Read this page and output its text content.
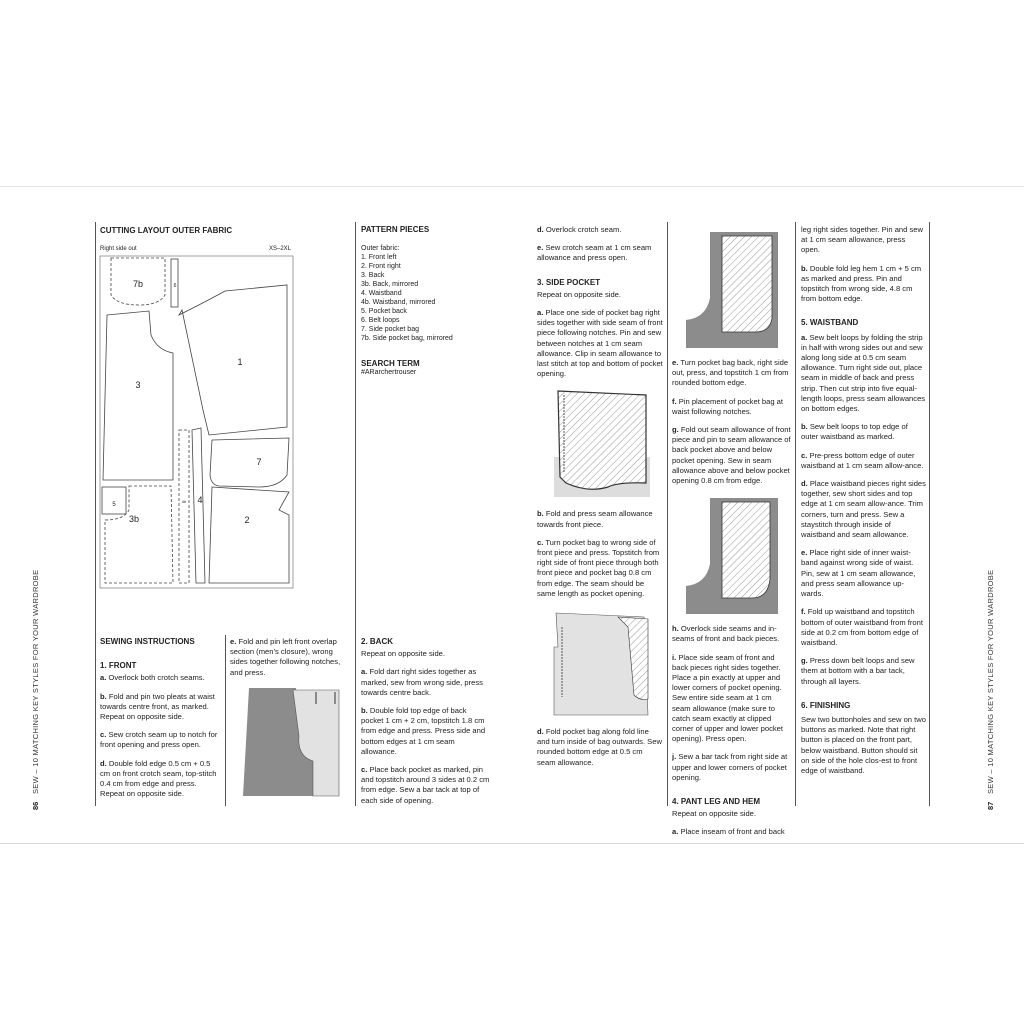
SEW – 10 MATCHING KEY STYLES FOR YOUR WARDROBE
86
SEW – 10 MATCHING KEY STYLES FOR YOUR WARDROBE
87
CUTTING LAYOUT OUTER FABRIC
Right side out	XS–2XL
7b	6
1
3
7
5
3b
4
4b
2
PATTERN PIECES
Outer fabric:
1. Front left
2. Front right
3. Back
3b. Back, mirrored
4. Waistband
4b. Waistband, mirrored
5. Pocket back
6. Belt loops
7. Side pocket bag
7b. Side pocket bag, mirrored
SEARCH TERM
#ARarchertrouser
SEWING INSTRUCTIONS
1. FRONT

a. Overlock both crotch seams.

b. Fold and pin two pleats at waist towards centre front, as marked. Repeat on opposite side.

c. Sew crotch seam up to notch for front opening and press open.

d. Double fold edge 0.5 cm + 0.5 cm on front crotch seam, top-stitch 0.4 cm from edge and press. Repeat on opposite side.

e. Fold and pin left front overlap section (men’s closure), wrong sides together following notches, and press.

2. BACK

Repeat on opposite side.

a. Fold dart right sides together as marked, sew from wrong side, press towards centre back.

b. Double fold top edge of back pocket 1 cm + 2 cm, topstitch 1.8 cm from edge and press. Press side and bottom edges at 1 cm seam allowance.

c. Place back pocket as marked, pin and topstitch around 3 sides at 0.2 cm from edge. Sew a bar tack at top of each side of opening.

d. Overlock crotch seam.

e. Sew crotch seam at 1 cm seam allowance and press open.

3. SIDE POCKET

Repeat on opposite side.

a. Place one side of pocket bag right sides together with side seam of front piece following notches. Pin and sew between notches at 1 cm seam allowance. Clip in seam allowance to last stitch at top and bottom of pocket opening.

b. Fold and press seam allowance towards front piece.

c. Turn pocket bag to wrong side of front piece and press. Topstitch from right side of front piece through both front piece and pocket bag 0.8 cm from edge. The seam should be same length as pocket opening.

d. Fold pocket bag along fold line and turn inside of bag outwards. Sew rounded bottom edge at 0.5 cm seam allowance.

e. Turn pocket bag back, right side out, press, and topstitch 1 cm from rounded bottom edge.

f. Pin placement of pocket bag at waist following notches.

g. Fold out seam allowance of front piece and pin to seam allowance of back pocket above and below pocket opening. Sew in seam allowance above and below pocket opening 0.8 cm from edge.

h. Overlock side seams and in-seams of front and back pieces.

i. Place side seam of front and back pieces right sides together. Place a pin exactly at upper and lower corners of pocket opening. Sew entire side seam at 1 cm seam allowance (make sure to catch seam exactly at clipped corner of upper and lower pocket opening). Press open.

j. Sew a bar tack from right side at upper and lower corners of pocket opening.

4. PANT LEG AND HEM

Repeat on opposite side.

a. Place inseam of front and back

leg right sides together. Pin and sew at 1 cm seam allowance, press open.

b. Double fold leg hem 1 cm + 5 cm as marked and press. Pin and topstitch from wrong side, 4.8 cm from bottom edge.

5. WAISTBAND

a. Sew belt loops by folding the strip in half with wrong sides out and sew along long side at 0.5 cm seam allowance. Turn right side out, place seam in middle of back and press strip. Then cut strip into five equal-length loops, press seam allowances on bottom edges.

b. Sew belt loops to top edge of outer waistband as marked.

c. Pre-press bottom edge of outer waistband at 1 cm seam allow-ance.

d. Place waistband pieces right sides together, sew short sides and top edge at 1 cm seam allow-ance. Trim corners, turn and press. Sew a staystitch through inside of waistband and seam allowance.

e. Place right side of inner waist-band against wrong side of waist. Pin, sew at 1 cm seam allowance, and press seam allowance up-wards.

f. Fold up waistband and topstitch bottom of outer waistband from front side at 0.2 cm from bottom edge of waistband.

g. Press down belt loops and sew them at bottom with a bar tack, through all layers.

6. FINISHING

Sew two buttonholes and sew on two buttons as marked. Note that right button is placed on the front part, below waistband. Button should sit on side of the hole clos-est to front edge of waistband.
